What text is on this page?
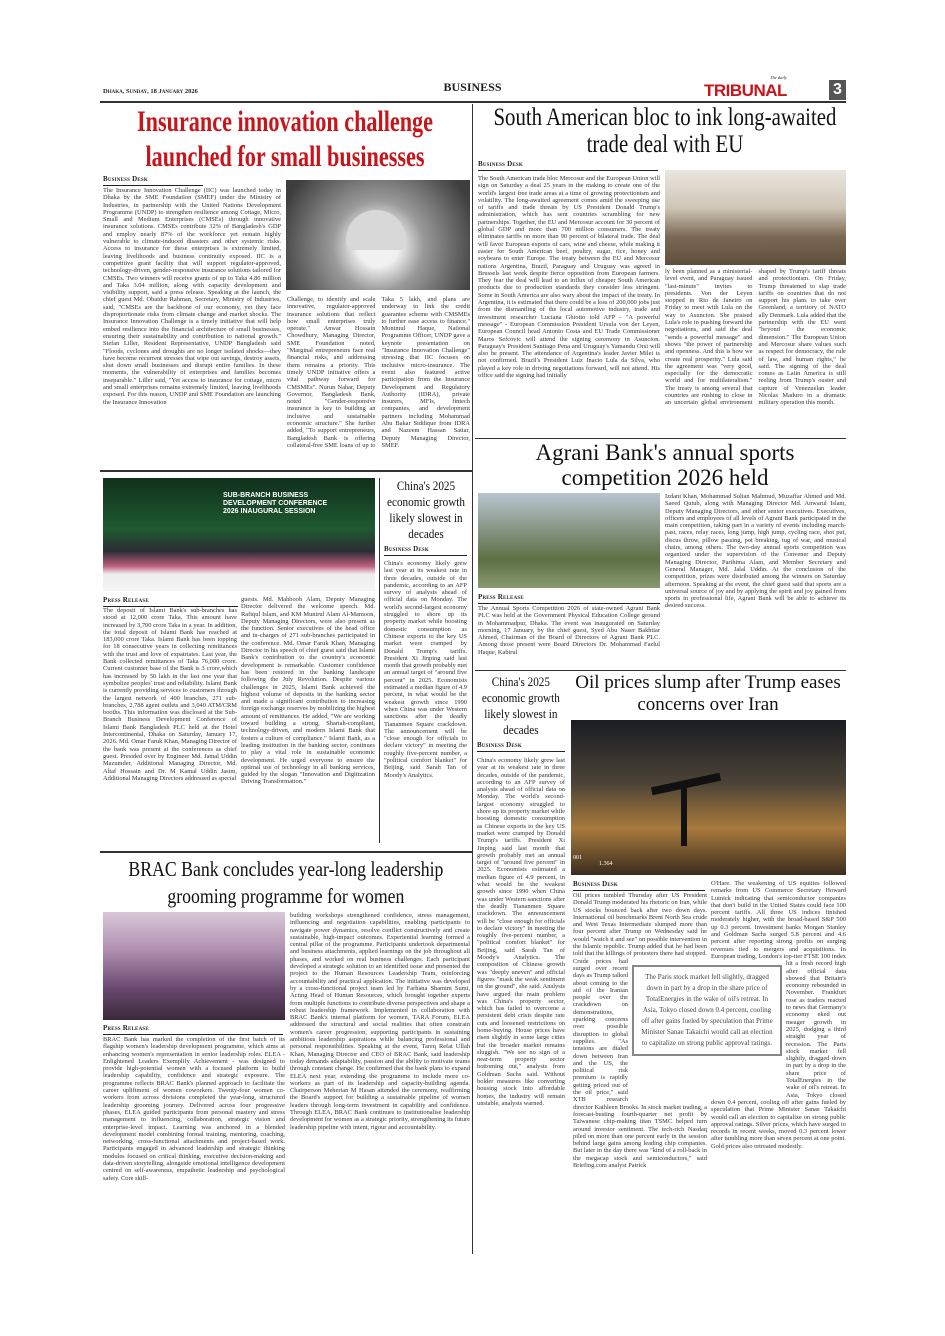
Dhaka, Sunday, 18 January 2026	BUSINESS
The daily
TRIBUNAL	3
Insurance innovation challenge launched for small businesses
Business Desk
The Insurance Innovation Challenge (IIC) was launched today in Dhaka by the SME Foundation (SMEF) under the Ministry of Industries, in partnership with the United Nations Development Programme (UNDP) to strengthen resilience among Cottage, Micro, Small and Medium Enterprises (CMSEs) through innovative insurance solutions. CMSEs contribute 32% of Bangladesh's GDP and employ nearly 87% of the workforce yet remain highly vulnerable to climate-induced disasters and other systemic risks. Access to insurance for these enterprises is extremely limited, leaving livelihoods and business continuity exposed. IIC is a competitive grant facility that will support regulator-approved, technology-driven, gender-responsive insurance solutions tailored for CMSEs. Two winners will receive grants of up to Taka 4.86 million and Taka 3.04 million, along with capacity development and visibility support, said a press release. Speaking at the launch, the chief guest Md. Obaidur Rahman, Secretary, Ministry of Industries, said, "CMSEs are the backbone of our economy, yet they face disproportionate risks from climate change and market shocks. The Insurance Innovation Challenge is a timely initiative that will help embed resilience into the financial architecture of small businesses, ensuring their sustainability and contribution to national growth." Stefan Liller, Resident Representative, UNDP Bangladesh said "Floods, cyclones and droughts are no longer isolated shocks—they have become recurrent stresses that wipe out savings, destroy assets, shut down small businesses and disrupt entire families. In these moments, the vulnerability of enterprises and families becomes inseparable." Liller said, "Yet access to insurance for cottage, micro and small enterprises remains extremely limited, leaving livelihoods exposed. For this reason, UNDP and SME Foundation are launching the Insurance Innovation
Challenge, to identify and scale innovative, regulator-approved insurance solutions that reflect how small enterprises truly operate." Anwar Hossain Chowdhury, Managing Director, SME Foundation noted, "Marginal entrepreneurs face real financial risks, and addressing them remains a priority. This timely UNDP initiative offers a vital pathway forward for CMSMEs". Nurun Nahar, Deputy Governor, Bangladesh Bank, noted "Gender-responsive insurance is key to building an inclusive and sustainable economic structure." She further added, "To support entrepreneurs, Bangladesh Bank is offering collateral-free SME loans of up to Taka 5 lakh, and plans are underway to link the credit guarantee scheme with CMSMEs to further ease access to finance." Monimul Haque, National Programme Officer, UNDP gave a keynote presentation on "Insurance Innovation Challenge" stressing that IIC focuses on inclusive micro-insurance. The event also featured active participation from the Insurance Development and Regulatory Authority (IDRA), private insurers, MFIs, fintech companies, and development partners including Mohammad Abu Bakar Siddique from IDRA and Nazeem Hassan Sattar, Deputy Managing Director, SMEF.
South American bloc to ink long-awaited trade deal with EU
Business Desk
The South American trade bloc Mercosur and the European Union will sign on Saturday a deal 25 years in the making to create one of the world's largest free trade areas at a time of growing protectionism and volatility. The long-awaited agreement comes amid the sweeping use of tariffs and trade threats by US President Donald Trump's administration, which has sent countries scrambling for new partnerships. Together, the EU and Mercosur account for 30 percent of global GDP and more than 700 million consumers. The treaty eliminates tariffs on more than 90 percent of bilateral trade. The deal will favor European exports of cars, wine and cheese, while making it easier for South American beef, poultry, sugar, rice, honey and soybeans to enter Europe. The treaty between the EU and Mercosur nations Argentina, Brazil, Paraguay and Uruguay was agreed in Brussels last week despite fierce opposition from European farmers. They fear the deal will lead to an influx of cheaper South American products due to production standards they consider less stringent. Some in South America are also wary about the impact of the treaty. In Argentina, it is estimated that there could be a loss of 200,000 jobs just from the dismantling of the local automotive industry, trade and investment researcher Luciana Ghiotto told AFP - "A powerful message" - European Commission President Ursula von der Leyen, European Council head Antonio Costa and EU Trade Commissioner Maros Sefcovic will attend the signing ceremony in Asuncion. Paraguay's President Santiago Pena and Uruguay's Yamandu Orsi will also be present. The attendance of Argentina's leader Javier Milei is not confirmed. Brazil's President Luiz Inacio Lula da Silva, who played a key role in driving negotiations forward, will not attend. His office said the signing had initially
ly been planned as a ministerial-level event, and Paraguay issued "last-minute" invites to presidents. Von der Leyen stopped in Rio de Janeiro on Friday to meet with Lula on the way to Asuncion. She praised Lula's role in pushing forward the negotiations, and said the deal "sends a powerful message" and shows "the power of partnership and openness. And this is how we create real prosperity." Lula said the agreement was "very good, especially for the democratic world and for multilateralism." The treaty is among several that countries are rushing to close in an uncertain global environment shaped by Trump's tariff threats and protectionism. On Friday, Trump threatened to slap trade tariffs on countries that do not support his plans to take over Greenland, a territory of NATO ally Denmark. Lula added that the partnership with the EU went "beyond the economic dimension." The European Union and Mercosur share values such as respect for democracy, the rule of law, and human rights," he said. The signing of the deal comes as Latin America is still reeling from Trump's ouster and capture of Venezuelan leader Nicolas Maduro in a dramatic military operation this month.
Agrani Bank's annual sports competition 2026 held
Press Release
The Annual Sports Competition 2026 of state-owned Agrani Bank PLC was held at the Government Physical Education College ground in Mohammadpur, Dhaka. The event was inaugurated on Saturday morning, 17 January, by the chief guest, Syed Abu Naser Bakhtiar Ahmed, Chairman of the Board of Directors of Agrani Bank PLC. Among those present were Board Directors Dr. Mohammad Fazlul Haque, Kabirul
Izdani Khan, Mohammad Sultan Mahmud, Muzaffar Ahmed and Md. Saeed Qutub, along with Managing Director Md. Anwarul Islam, Deputy Managing Directors, and other senior executives. Executives, officers and employees of all levels of Agrani Bank participated in the main competition, taking part in a variety of events including march-past, races, relay races, long jump, high jump, cycling race, shot put, discus throw, pillow passing, pot breaking, tug of war, and musical chairs, among others. The two-day annual sports competition was organized under the supervision of the Convener and Deputy Managing Director, Parihima Alam, and Member Secretary and General Manager, Md. Jalal Uddin. At the conclusion of the competition, prizes were distributed among the winners on Saturday afternoon. Speaking at the event, the chief guest said that sports are a universal source of joy and by applying the spirit and joy gained from sports in professional life, Agrani Bank will be able to achieve its desired success.
SUB-BRANCH BUSINESS DEVELOPMENT CONFERENCE 2026 INAUGURAL SESSION
Press Release
The deposit of Islami Bank's sub-branches has stood at 12,000 crore Taka. This amount have increased by 3,700 crore Taka in a year. In addition, the total deposit of Islami Bank has reached at 183,000 crore Taka. Islami Bank has been topping for 18 consecutive years in collecting remittances with the trust and love of expatriates. Last year, the Bank collected remittances of Taka 76,000 crore. Current customer base of the Bank is 3 crore,which has increased by 50 lakh in the last one year that symbolize peoples' trust and reliability. Islami Bank is currently providing services to customers through the largest network of 400 branches, 271 sub-branches, 2,788 agent outlets and 3,040 ATM/CRM booths. This information was disclosed at the Sub-Branch Business Development Conference of Islami Bank Bangladesh PLC held at the Hotel Intercontinental, Dhaka on Saturday, January 17, 2026. Md. Omar Faruk Khan, Managing Director of the bank was present at the conferences as chief guest. Presided over by Engineer Md. Jamal Uddin Mazumder, Additional Managing Director, Md. Altaf Hossain and Dr. M Kamal Uddin Jasim, Additional Managing Directors addressed as special
guests. Md. Mahboob Alam, Deputy Managing Director delivered the welcome speech. Md. Rafiqul Islam, and KM Munirul Alam Al-Mamoon, Deputy Managing Directors, were also present as the function. Senior executives of the head office and in-charges of 271 sub-branches participated in the conference. Md. Omar Faruk Khan, Managing Director in his speech of chief guest said that Islami Bank's contribution to the country's economic development is remarkable. Customer confidence has been restored in the banking landscape following the July Revolution. Despite various challenges in 2025, Islami Bank achieved the highest volume of deposits in the banking sector and made a significant contribution to increasing foreign exchange reserves by mobilizing the highest amount of remittances. He added, "We are working toward building a strong, Shariah-compliant, technology-driven, and modern Islami Bank that fosters a culture of compliance." Islami Bank, as a leading institution in the banking sector, continues to play a vital role in sustainable economic development. He urged everyone to ensure the optimal use of technology in all banking services, guided by the slogan "Innovation and Digitization Driving Transformation."
China's 2025 economic growth likely slowest in decades
Business Desk
China's economy likely grew last year at its weakest rate in three decades, outside of the pandemic, according to an AFP survey of analysts ahead of official data on Monday. The world's second-largest economy struggled to shore up its property market while boosting domestic consumption as Chinese exports to the key US market were cramped by Donald Trump's tariffs. President Xi Jinping said last month that growth probably met an annual target of "around five percent" in 2025. Economists estimated a median figure of 4.9 percent, in what would be the weakest growth since 1990 when China was under Western sanctions after the deadly Tiananmen Square crackdown. The announcement will be "close enough for officials to declare victory" in meeting the roughly five-percent number, a "political comfort blanket" for Beijing, said Sarah Tan of Moody's Analytics.
China's 2025 economic growth likely slowest in decades
Business Desk
China's economy likely grew last year at its weakest rate in three decades, outside of the pandemic, according to an AFP survey of analysts ahead of official data on Monday. The world's second-largest economy struggled to shore up its property market while boosting domestic consumption as Chinese exports to the key US market were cramped by Donald Trump's tariffs. President Xi Jinping said last month that growth probably met an annual target of "around five percent" in 2025. Economists estimated a median figure of 4.9 percent, in what would be the weakest growth since 1990 when China was under Western sanctions after the deadly Tiananmen Square crackdown. The announcement will be "close enough for officials to declare victory" in meeting the roughly five-percent number, a "political comfort blanket" for Beijing, said Sarah Tan of Moody's Analytics. The composition of Chinese growth was "deeply uneven" and official figures "mask the weak sentiment on the ground", she said. Analysts have argued the main problem was China's property sector, which has failed to overcome a persistent debt crisis despite rate cuts and loosened restrictions on home-buying. House prices have risen slightly in some large cities but the broader market remains sluggish. "We see no sign of a near-term property sector bottoming out," analysts from Goldman Sachs said. Without bolder measures like converting housing stock into affordable homes, the industry will remain unstable, analysts warned.
Oil prices slump after Trump eases concerns over Iran
001
1.364
Business Desk
Oil prices tumbled Thursday after US President Donald Trump moderated his rhetoric on Iran, while US stocks bounced back after two down days. International oil benchmarks Brent North Sea crude and West Texas Intermediate slumped more than four percent after Trump on Wednesday said he would "watch it and see" on possible intervention in the Islamic republic. Trump added that he had been told that the killings of protesters there had stopped. Crude prices had surged over recent days as Trump talked about coming to the aid of the Iranian people over the crackdown on demonstrations, sparking concerns over possible disruption to global supplies. "As tensions are dialed down between Iran and the US, the political risk premium is rapidly getting priced out of the oil price," said XTB research director Kathleen Brooks. In stock market trading, a forecast-busting fourth-quarter net profit by Taiwanese chip-making titan TSMC helped turn around investor sentiment. The tech-rich Nasdaq piled on more than one percent early in the session behind large gains among leading chip companies. But later in the day there was "kind of a roll-back in the megacap stock and semiconductors," said Briefing.com analyst Patrick
O'Hare. The weakening of US equities followed remarks from US Commerce Secretary Howard Lutnick indicating that semiconductor companies that don't build in the United States could face 100 percent tariffs. All three US indices finished moderately higher, with the broad-based S&P 500 up 0.3 percent. Investment banks Morgan Stanley and Goldman Sachs surged 5.8 percent and 4.6 percent after reporting strong profits on surging revenues tied to mergers and acquisitions. In European trading, London's top-tier FTSE 100 index hit a fresh record high after official data showed that Britain's economy rebounded in November. Frankfurt rose as traders reacted to news that Germany's economy eked out meager growth in 2025, dodging a third straight year of recession. The Paris stock market fell slightly, dragged down in part by a drop in the share price of TotalEnergies in the wake of oil's retreat. In Asia, Tokyo closed down 0.4 percent, cooling off after gains fueled by speculation that Prime Minister Sanae Takaichi would call an election to capitalize on strong public approval ratings. Silver prices, which have surged to records in recent weeks, moved 0.3 percent lower after tumbling more than seven percent at one point. Gold prices also retreated modestly.
The Paris stock market fell slightly, dragged down in part by a drop in the share price of TotalEnergies in the wake of oil's retreat. In Asia, Tokyo closed down 0.4 percent, cooling off after gains fueled by speculation that Prime Minister Sanae Takaichi would call an election to capitalize on strong public approval ratings.
BRAC Bank concludes year-long leadership grooming programme for women
Press Release
BRAC Bank has marked the completion of the first batch of its flagship women's leadership development programme, which aims at enhancing women's representation in senior leadership roles. ELEA - Enlightened Leaders Exemplify Achievement - was designed to provide high-potential women with a focused platform to build leadership capability, confidence and strategic exposure. The programme reflects BRAC Bank's planned approach to facilitate the career upliftment of women coworkers. Twenty-four women co-workers from across divisions completed the year-long, structured leadership grooming journey. Delivered across four progressive phases, ELEA guided participants from personal mastery and stress management to influencing, collaboration, strategic vision and enterprise-level impact. Learning was anchored in a blended development model combining formal training, mentoring, coaching, networking, cross-functional attachments and project-based work. Participants engaged in advanced leadership and strategic thinking modules focused on critical thinking, executive decision-making and data-driven storytelling, alongside emotional intelligence development centred on self-awareness, empathetic leadership and psychological safety. Core skill-
building workshops strengthened confidence, stress management, influencing and negotiation capabilities, enabling participants to navigate power dynamics, resolve conflict constructively and create sustainable, high-impact outcomes. Experiential learning formed a central pillar of the programme. Participants undertook departmental and business attachments, applied learnings on the job throughout all phases, and worked on real business challenges. Each participant developed a strategic solution to an identified issue and presented the project to the Human Resources Leadership Team, reinforcing accountability and practical application. The initiative was developed by a cross-functional project team led by Farhana Shamim Sumi, Acting Head of Human Resources, which brought together experts from multiple functions to contribute diverse perspectives and shape a robust leadership framework. Implemented in collaboration with BRAC Bank's internal platform for women, TARA Forum, ELEA addressed the structural and social realities that often constrain women's career progression, supporting participants in sustaining ambitious leadership aspirations while balancing professional and personal responsibilities. Speaking at the event, Tareq Refat Ullah Khan, Managing Director and CEO of BRAC Bank, said leadership today demands adaptability, passion and the ability to motivate teams through constant change. He confirmed that the bank plans to expand ELEA next year, extending the programme to include more co-workers as part of its leadership and capacity-building agenda. Chairperson Meherian M Hasan attended the ceremony, reaffirming the Board's support for building a sustainable pipeline of women leaders through long-term investment in capability and confidence. Through ELEA, BRAC Bank continues to institutionalise leadership development for women as a strategic priority, strengthening its future leadership pipeline with intent, rigour and accountability.
